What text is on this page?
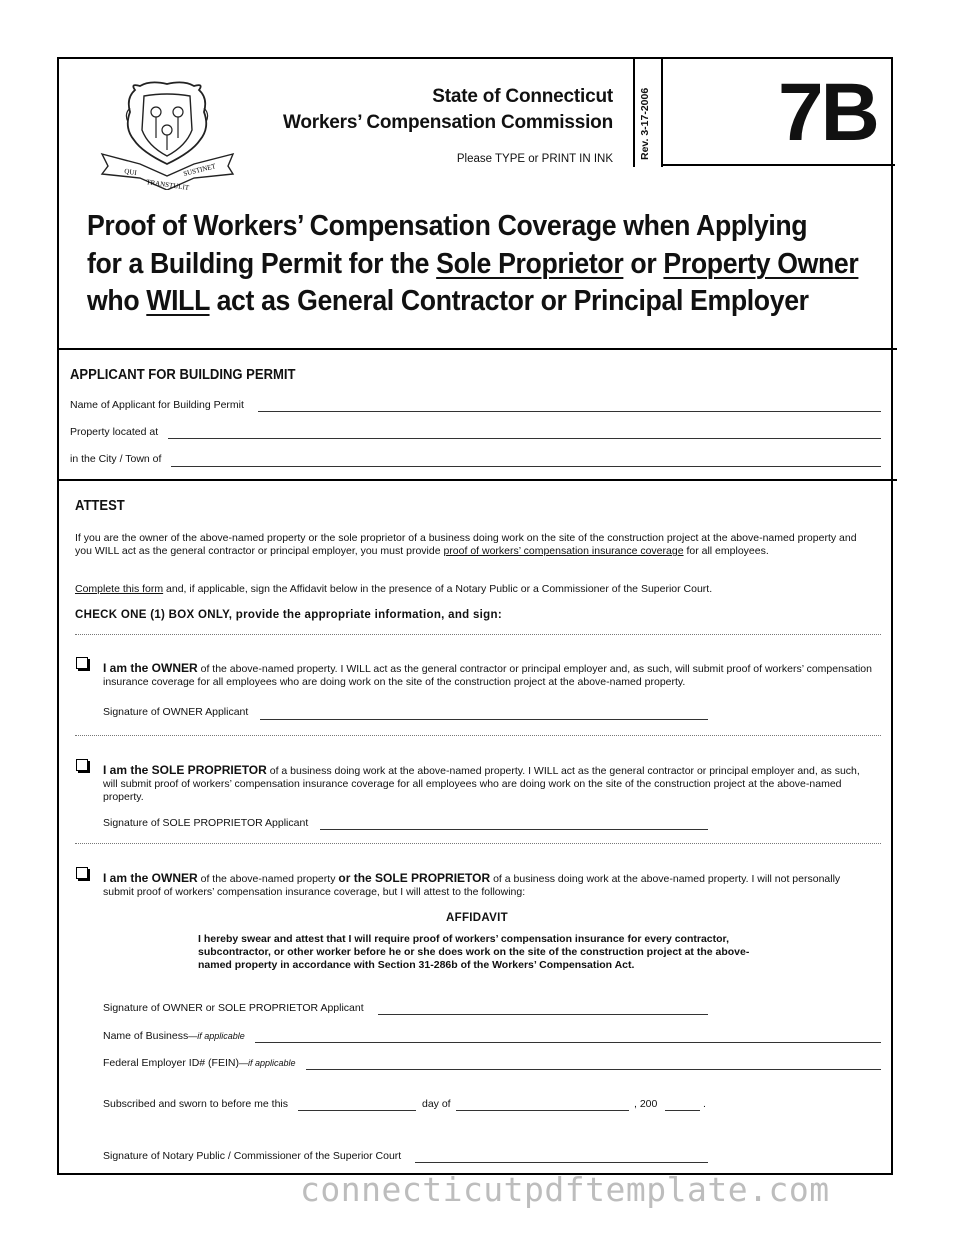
QUI
TRANSTULIT
SUSTINET
State of Connecticut
Workers’ Compensation Commission
Please TYPE or PRINT IN INK Rev. 3-17-2006 7B
Proof of Workers’ Compensation Coverage when Applying
for a Building Permit for the Sole Proprietor or Property Owner
who WILL act as General Contractor or Principal Employer
APPLICANT FOR BUILDING PERMIT
Name of Applicant for Building Permit
Property located at
in the City / Town of
ATTEST
If you are the owner of the above-named property or the sole proprietor of a business doing work on the site of the construction project at the above-named property and you WILL act as the general contractor or principal employer, you must provide proof of workers’ compensation insurance coverage for all employees.
Complete this form and, if applicable, sign the Affidavit below in the presence of a Notary Public or a Commissioner of the Superior Court.
CHECK ONE (1) BOX ONLY, provide the appropriate information, and sign:
I am the OWNER of the above-named property. I WILL act as the general contractor or principal employer and, as such, will submit proof of workers’ compensation insurance coverage for all employees who are doing work on the site of the construction project at the above-named property.
Signature of OWNER Applicant
I am the SOLE PROPRIETOR of a business doing work at the above-named property. I WILL act as the general contractor or principal employer and, as such, will submit proof of workers’ compensation insurance coverage for all employees who are doing work on the site of the construction project at the above-named property.
Signature of SOLE PROPRIETOR Applicant
I am the OWNER of the above-named property or the SOLE PROPRIETOR of a business doing work at the above-named property. I will not personally submit proof of workers’ compensation insurance coverage, but I will attest to the following:
AFFIDAVIT
I hereby swear and attest that I will require proof of workers’ compensation insurance for every contractor, subcontractor, or other worker before he or she does work on the site of the construction project at the above-named property in accordance with Section 31-286b of the Workers’ Compensation Act.
Signature of OWNER or SOLE PROPRIETOR Applicant
Name of Business—if applicable
Federal Employer ID# (FEIN)—if applicable
Subscribed and sworn to before me this	day of	, 200	.
Signature of Notary Public / Commissioner of the Superior Court
connecticutpdftemplate.com
